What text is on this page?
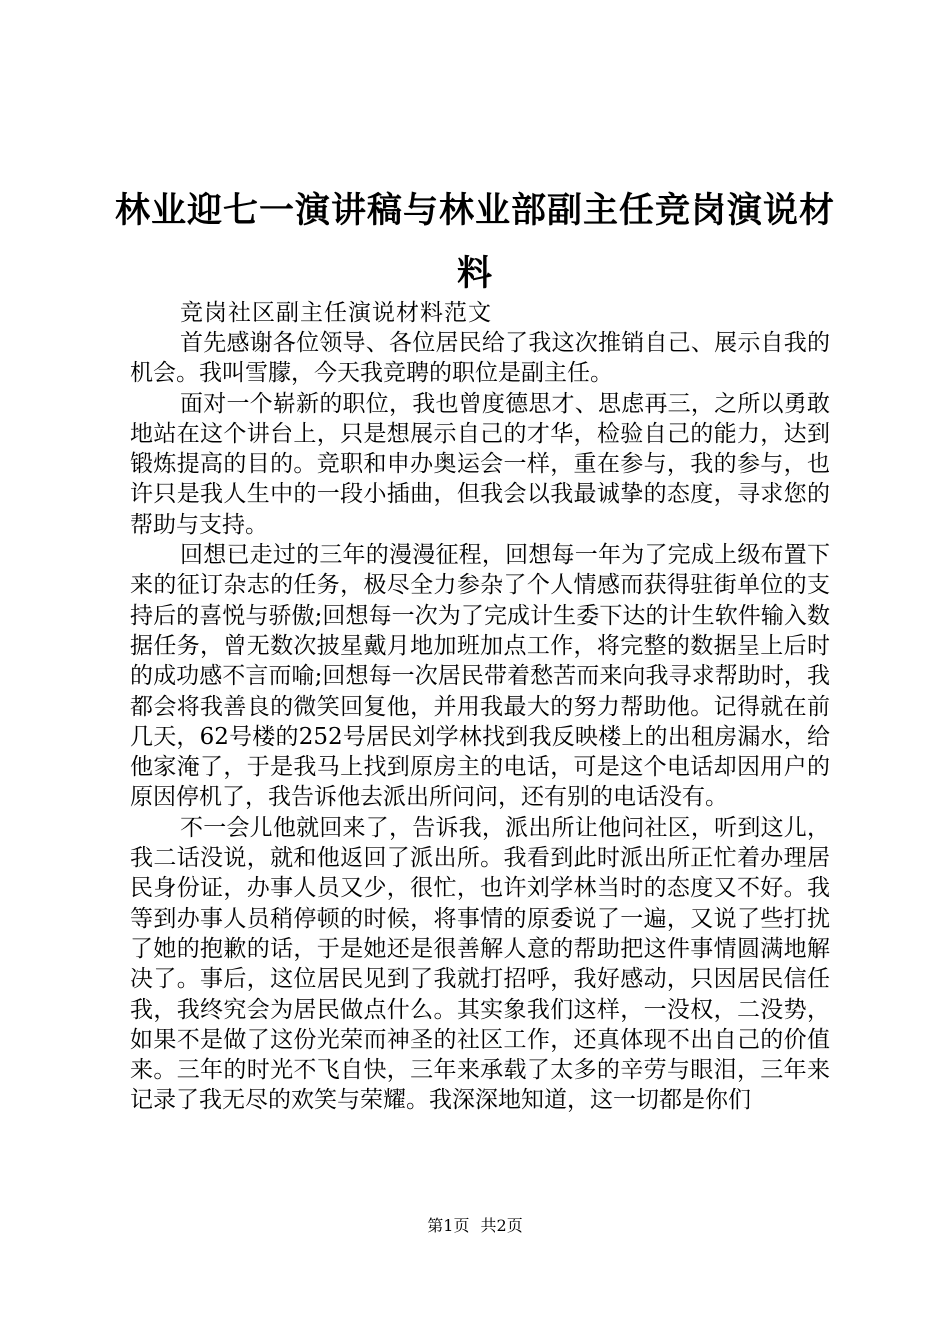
林业迎七一演讲稿与林业部副主任竞岗演说材料

竞岗社区副主任演说材料范文

首先感谢各位领导、各位居民给了我这次推销自己、展示自我的机会。我叫雪朦，今天我竞聘的职位是副主任。

面对一个崭新的职位，我也曾度德思才、思虑再三，之所以勇敢地站在这个讲台上，只是想展示自己的才华，检验自己的能力，达到锻炼提高的目的。竞职和申办奥运会一样，重在参与，我的参与，也许只是我人生中的一段小插曲，但我会以我最诚挚的态度，寻求您的帮助与支持。

回想已走过的三年的漫漫征程，回想每一年为了完成上级布置下来的征订杂志的任务，极尽全力参杂了个人情感而获得驻街单位的支持后的喜悦与骄傲;回想每一次为了完成计生委下达的计生软件输入数据任务，曾无数次披星戴月地加班加点工作，将完整的数据呈上后时的成功感不言而喻;回想每一次居民带着愁苦而来向我寻求帮助时，我都会将我善良的微笑回复他，并用我最大的努力帮助他。记得就在前几天，62号楼的252号居民刘学林找到我反映楼上的出租房漏水，给他家淹了，于是我马上找到原房主的电话，可是这个电话却因用户的原因停机了，我告诉他去派出所问问，还有别的电话没有。

不一会儿他就回来了，告诉我，派出所让他问社区，听到这儿，我二话没说，就和他返回了派出所。我看到此时派出所正忙着办理居民身份证，办事人员又少，很忙，也许刘学林当时的态度又不好。我等到办事人员稍停顿的时候，将事情的原委说了一遍，又说了些打扰了她的抱歉的话，于是她还是很善解人意的帮助把这件事情圆满地解决了。事后，这位居民见到了我就打招呼，我好感动，只因居民信任我，我终究会为居民做点什么。其实象我们这样，一没权，二没势，如果不是做了这份光荣而神圣的社区工作，还真体现不出自己的价值来。三年的时光不飞自快，三年来承载了太多的辛劳与眼泪，三年来记录了我无尽的欢笑与荣耀。我深深地知道，这一切都是你们

第1页 共2页
